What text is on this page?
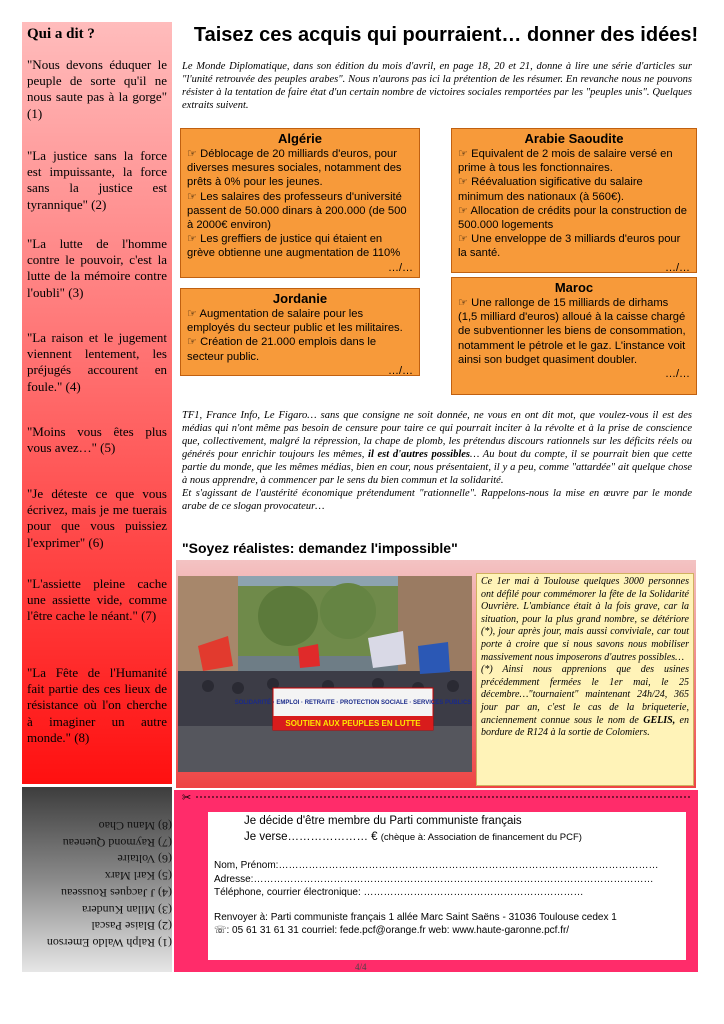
Qui a dit ?
"Nous devons éduquer le peuple de sorte qu'il ne nous saute pas à la gorge" (1)
"La justice sans la force est impuissante, la force sans la justice est tyrannique" (2)
"La lutte de l'homme contre le pouvoir, c'est la lutte de la mémoire contre l'oubli" (3)
"La raison et le jugement viennent lentement, les préjugés accourent en foule." (4)
"Moins vous êtes plus vous avez…" (5)
"Je déteste ce que vous écrivez, mais je me tuerais pour que vous puissiez l'exprimer" (6)
"L'assiette pleine cache une assiette vide, comme l'être cache le néant." (7)
"La Fête de l'Humanité fait partie des ces lieux de résistance où l'on cherche à imaginer un autre monde." (8)
(1) Ralph Waldo Emerson
(2) Blaise Pascal
(3) Milan Kundera
(4) J Jacques Rousseau
(5) Karl Marx
(6) Voltaire
(7) Raymond Queneau
(8) Manu Chao
Taisez ces acquis qui pourraient… donner des idées!
Le Monde Diplomatique, dans son édition du mois d'avril, en page 18, 20 et 21, donne à lire une série d'articles sur "l'unité retrouvée des peuples arabes". Nous n'aurons pas ici la prétention de les résumer. En revanche nous ne pouvons résister à la tentation de faire état d'un certain nombre de victoires sociales remportées par les "peuples unis". Quelques extraits suivent.
Algérie
☞ Déblocage de 20 milliards d'euros, pour diverses mesures sociales, notamment des prêts à 0% pour les jeunes.
☞ Les salaires des professeurs d'université passent de 50.000 dinars à 200.000 (de 500 à 2000€ environ)
☞ Les greffiers de justice qui étaient en grève obtienne une augmentation de 110%
…/…
Arabie Saoudite
☞ Equivalent de 2 mois de salaire versé en prime à tous les fonctionnaires.
☞ Réévaluation sigificative du salaire minimum des nationaux (à 560€).
☞ Allocation de crédits pour la construction de 500.000 logements
☞ Une enveloppe de 3 milliards d'euros pour la santé.
…/…
Jordanie
☞ Augmentation de salaire pour les employés du secteur public et les militaires.
☞ Création de 21.000 emplois dans le secteur public.
…/…
Maroc
☞ Une rallonge de 15 milliards de dirhams (1,5 milliard d'euros) alloué à la caisse chargé de subventionner les biens de consommation, notamment le pétrole et le gaz. L'instance voit ainsi son budget quasiment doubler.
…/…
TF1, France Info, Le Figaro… sans que consigne ne soit donnée, ne vous en ont dit mot, que voulez-vous il est des médias qui n'ont même pas besoin de censure pour taire ce qui pourrait inciter à la révolte et à la prise de conscience que, collectivement, malgré la répression, la chape de plomb, les prétendus discours rationnels sur les déficits réels ou générés pour enrichir toujours les mêmes, il est d'autres possibles… Au bout du compte, il se pourrait bien que cette partie du monde, que les mêmes médias, bien en cour, nous présentaient, il y a peu, comme "attardée" ait quelque chose à nous apprendre, à commencer par le sens du bien commun et la solidarité.
Et s'agissant de l'austérité économique prétendument "rationnelle". Rappelons-nous la mise en œuvre par le monde arabe de ce slogan provocateur…
"Soyez réalistes: demandez l'impossible"
SOLIDARITÉ · EMPLOI · RETRAITE · PROTECTION SOCIALE · SERVICES PUBLICS
SOUTIEN AUX PEUPLES EN LUTTE
Ce 1er mai à Toulouse quelques 3000 personnes ont défilé pour commémorer la fête de la Solidarité Ouvrière. L'ambiance était à la fois grave, car la situation, pour la plus grand nombre, se détériore (*), jour après jour, mais aussi conviviale, car tout porte à croire que si nous savons nous mobiliser massivement nous imposerons d'autres possibles…
(*) Ainsi nous apprenions que des usines précédemment fermées le 1er mai, le 25 décembre…"tournaient" maintenant 24h/24, 365 jour par an, c'est le cas de la briqueterie, anciennement connue sous le nom de GELIS, en bordure de R124 à la sortie de Colomiers.
✂
Je décide d'être membre du Parti communiste français
Je verse………………… € (chèque à: Association de financement du PCF)
Nom, Prénom:……………………………………………………………………………………………………
Adresse:…………………………………………………………………………………………………………
Téléphone, courrier électronique: …………………………………………………………
Renvoyer à: Parti communiste français 1 allée Marc Saint Saëns - 31036 Toulouse cedex 1
☏: 05 61 31 61 31 courriel: fede.pcf@orange.fr web: www.haute-garonne.pcf.fr/
4/4
